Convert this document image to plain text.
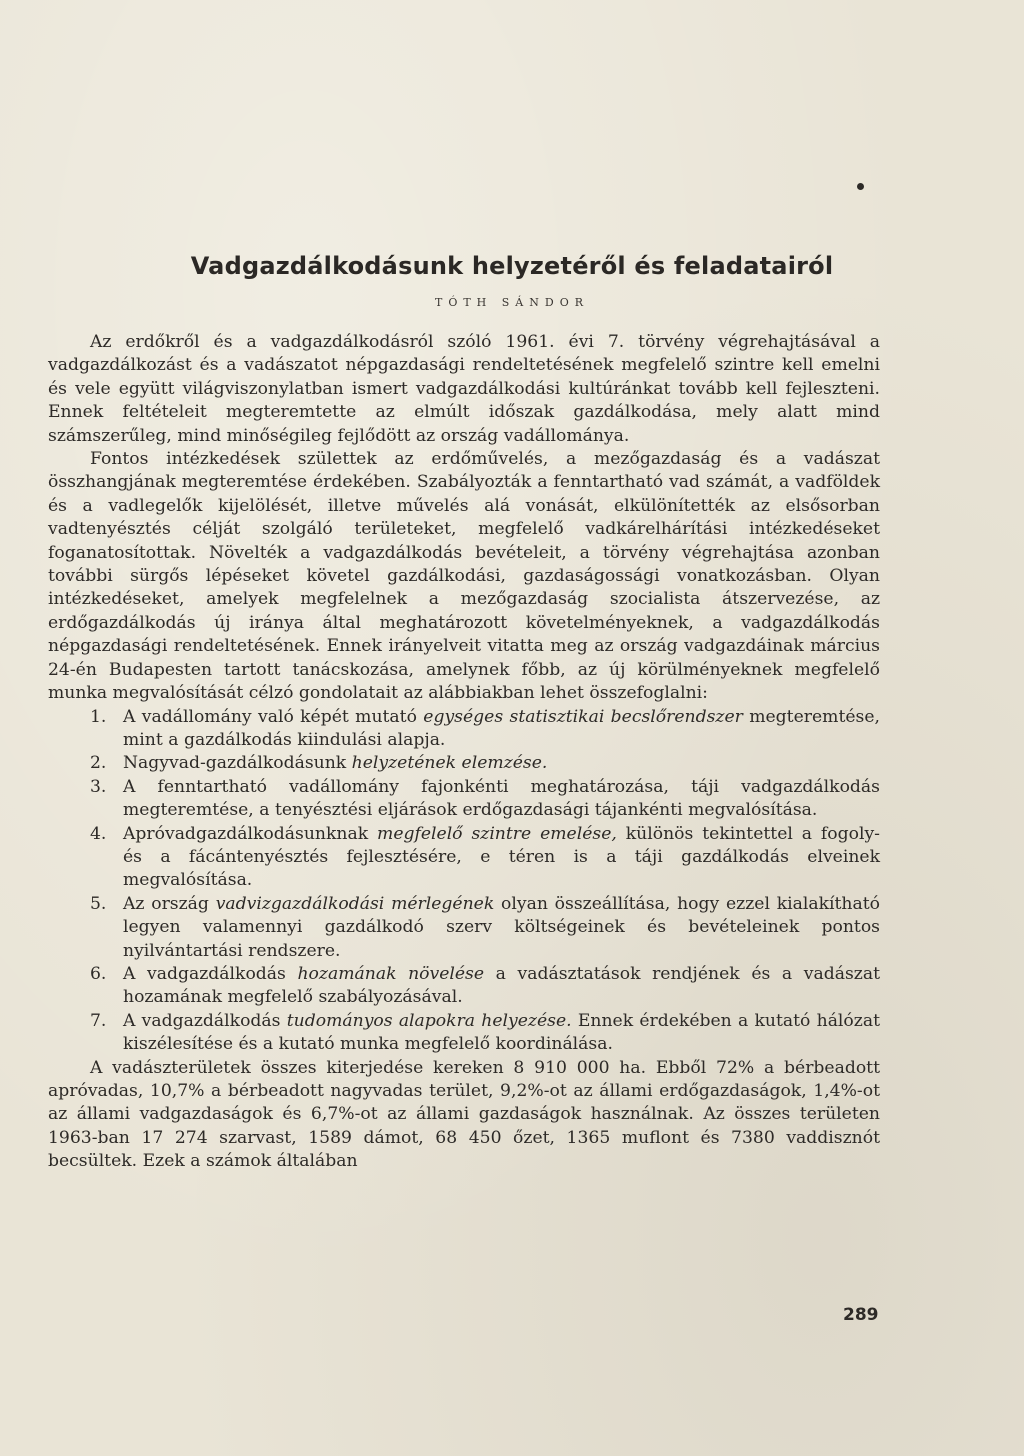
Vadgazdálkodásunk helyzetéről és feladatairól
TÓTH SÁNDOR

Az erdőkről és a vadgazdálkodásról szóló 1961. évi 7. törvény végrehajtásával a vadgazdálkozást és a vadászatot népgazdasági rendeltetésének megfelelő szintre kell emelni és vele együtt világviszonylatban ismert vadgazdálkodási kultúránkat tovább kell fejleszteni. Ennek feltételeit megteremtette az elmúlt időszak gazdálkodása, mely alatt mind számszerűleg, mind minőségileg fejlődött az ország vadállománya.

Fontos intézkedések születtek az erdőművelés, a mezőgazdaság és a vadászat összhangjának megteremtése érdekében. Szabályozták a fenntartható vad számát, a vadföldek és a vadlegelők kijelölését, illetve művelés alá vonását, elkülönítették az elsősorban vadtenyésztés célját szolgáló területeket, megfelelő vadkárelhárítási intézkedéseket foganatosítottak. Növelték a vadgazdálkodás bevételeit, a törvény végrehajtása azonban további sürgős lépéseket követel gazdálkodási, gazdaságossági vonatkozásban. Olyan intézkedéseket, amelyek megfelelnek a mezőgazdaság szocialista átszervezése, az erdőgazdálkodás új iránya által meghatározott követelményeknek, a vadgazdálkodás népgazdasági rendeltetésének. Ennek irányelveit vitatta meg az ország vadgazdáinak március 24-én Budapesten tartott tanácskozása, amelynek főbb, az új körülményeknek megfelelő munka megvalósítását célzó gondolatait az alábbiakban lehet összefoglalni:

1. A vadállomány való képét mutató egységes statisztikai becslőrendszer megteremtése, mint a gazdálkodás kiindulási alapja.
2. Nagyvad-gazdálkodásunk helyzetének elemzése.
3. A fenntartható vadállomány fajonkénti meghatározása, táji vadgazdálkodás megteremtése, a tenyésztési eljárások erdőgazdasági tájankénti megvalósítása.
4. Apróvadgazdálkodásunknak megfelelő szintre emelése, különös tekintettel a fogoly- és a fácántenyésztés fejlesztésére, e téren is a táji gazdálkodás elveinek megvalósítása.
5. Az ország vadvizgazdálkodási mérlegének olyan összeállítása, hogy ezzel kialakítható legyen valamennyi gazdálkodó szerv költségeinek és bevételeinek pontos nyilvántartási rendszere.
6. A vadgazdálkodás hozamának növelése a vadásztatások rendjének és a vadászat hozamának megfelelő szabályozásával.
7. A vadgazdálkodás tudományos alapokra helyezése. Ennek érdekében a kutató hálózat kiszélesítése és a kutató munka megfelelő koordinálása.

A vadászterületek összes kiterjedése kereken 8 910 000 ha. Ebből 72% a bérbeadott apróvadas, 10,7% a bérbeadott nagyvadas terület, 9,2%-ot az állami erdőgazdaságok, 1,4%-ot az állami vadgazdaságok és 6,7%-ot az állami gazdaságok használnak. Az összes területen 1963-ban 17 274 szarvast, 1589 dámot, 68 450 őzet, 1365 muflont és 7380 vaddisznót becsültek. Ezek a számok általában

289
